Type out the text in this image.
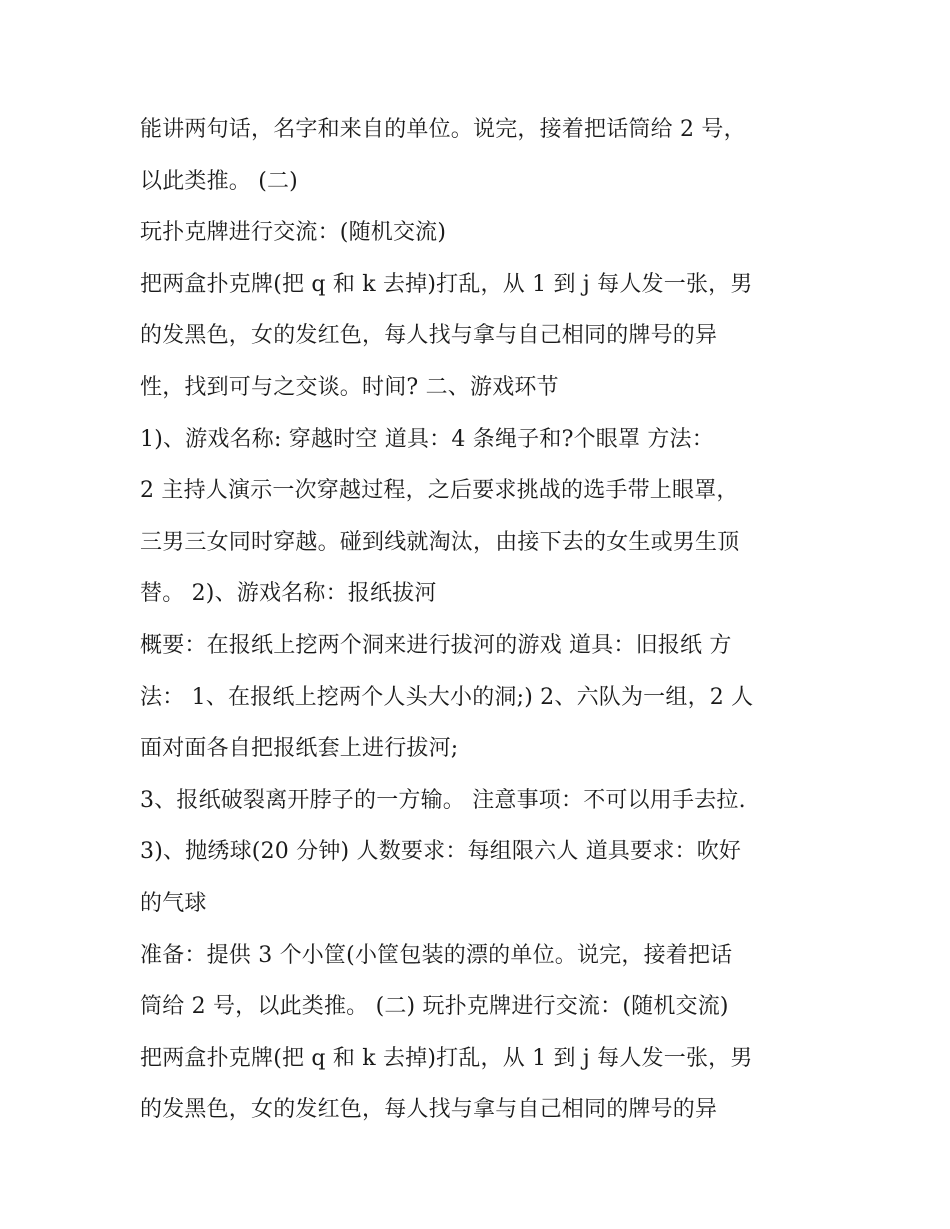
能讲两句话，名字和来自的单位。说完，接着把话筒给 2 号，

以此类推。 (二)

玩扑克牌进行交流：(随机交流)

把两盒扑克牌(把 q 和 k 去掉)打乱，从 1 到 j 每人发一张，男

的发黑色，女的发红色，每人找与拿与自己相同的牌号的异

性，找到可与之交谈。时间? 二、游戏环节

1)、游戏名称: 穿越时空 道具：4 条绳子和?个眼罩 方法：

2 主持人演示一次穿越过程，之后要求挑战的选手带上眼罩，

三男三女同时穿越。碰到线就淘汰，由接下去的女生或男生顶

替。 2)、游戏名称：报纸拔河

概要：在报纸上挖两个洞来进行拔河的游戏 道具：旧报纸 方

法： 1、在报纸上挖两个人头大小的洞;) 2、六队为一组，2 人

面对面各自把报纸套上进行拔河;

3、报纸破裂离开脖子的一方输。 注意事项：不可以用手去拉.

3)、抛绣球(20 分钟) 人数要求：每组限六人 道具要求：吹好

的气球

准备：提供 3 个小筐(小筐包装的漂的单位。说完，接着把话

筒给 2 号，以此类推。 (二) 玩扑克牌进行交流：(随机交流)

把两盒扑克牌(把 q 和 k 去掉)打乱，从 1 到 j 每人发一张，男

的发黑色，女的发红色，每人找与拿与自己相同的牌号的异
